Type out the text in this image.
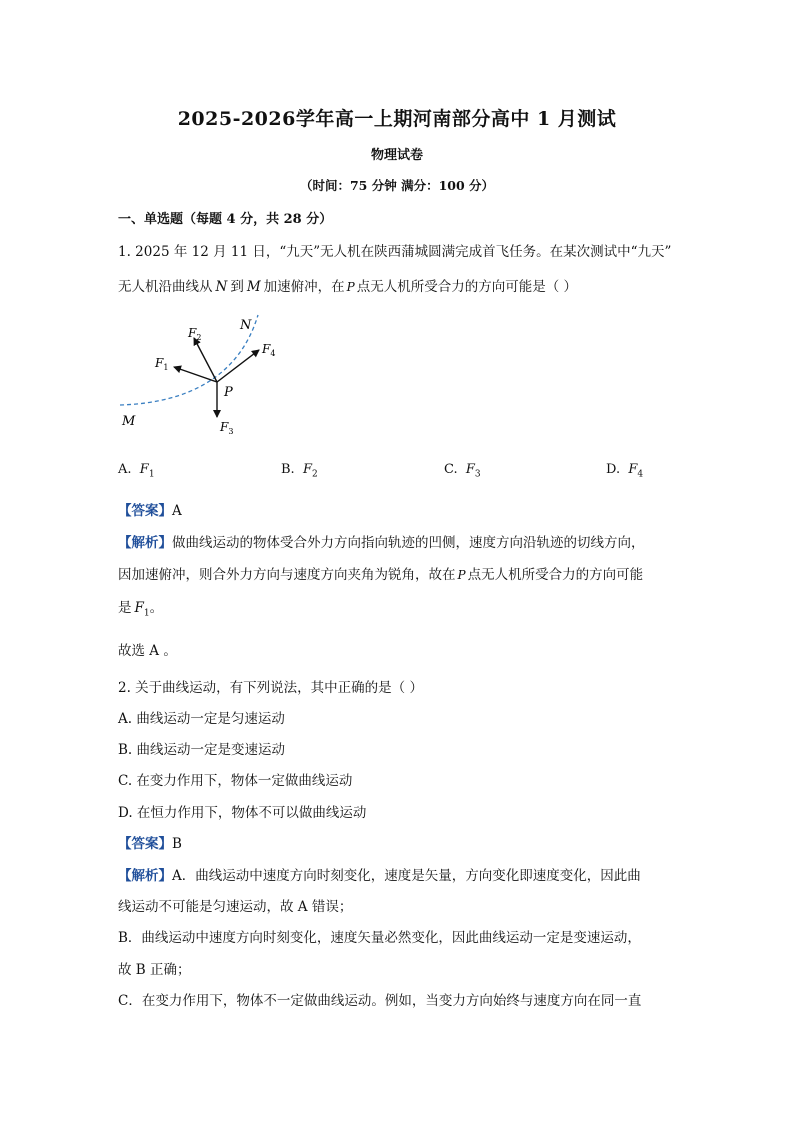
2025-2026学年高一上期河南部分高中 1 月测试
物理试卷
（时间：75 分钟 满分：100 分）
一、单选题（每题 4 分，共 28 分）
1. 2025 年 12 月 11 日，“九天”无人机在陕西蒲城圆满完成首飞任务。在某次测试中“九天”
无人机沿曲线从 N 到 M 加速俯冲，在 P 点无人机所受合力的方向可能是（ ）
N
M
P
$F_1$
$F_2$
$F_3$
$F_4$
A. $F_1$	B. $F_2$	C. $F_3$	D. $F_4$
【答案】A
【解析】做曲线运动的物体受合外力方向指向轨迹的凹侧，速度方向沿轨迹的切线方向，
因加速俯冲，则合外力方向与速度方向夹角为锐角，故在 P 点无人机所受合力的方向可能
是 $F_1$。
故选 A 。
2. 关于曲线运动，有下列说法，其中正确的是（ ）
A. 曲线运动一定是匀速运动
B. 曲线运动一定是变速运动
C. 在变力作用下，物体一定做曲线运动
D. 在恒力作用下，物体不可以做曲线运动
【答案】B
【解析】A．曲线运动中速度方向时刻变化，速度是矢量，方向变化即速度变化，因此曲
线运动不可能是匀速运动，故 A 错误；
B．曲线运动中速度方向时刻变化，速度矢量必然变化，因此曲线运动一定是变速运动，
故 B 正确；
C．在变力作用下，物体不一定做曲线运动。例如，当变力方向始终与速度方向在同一直
